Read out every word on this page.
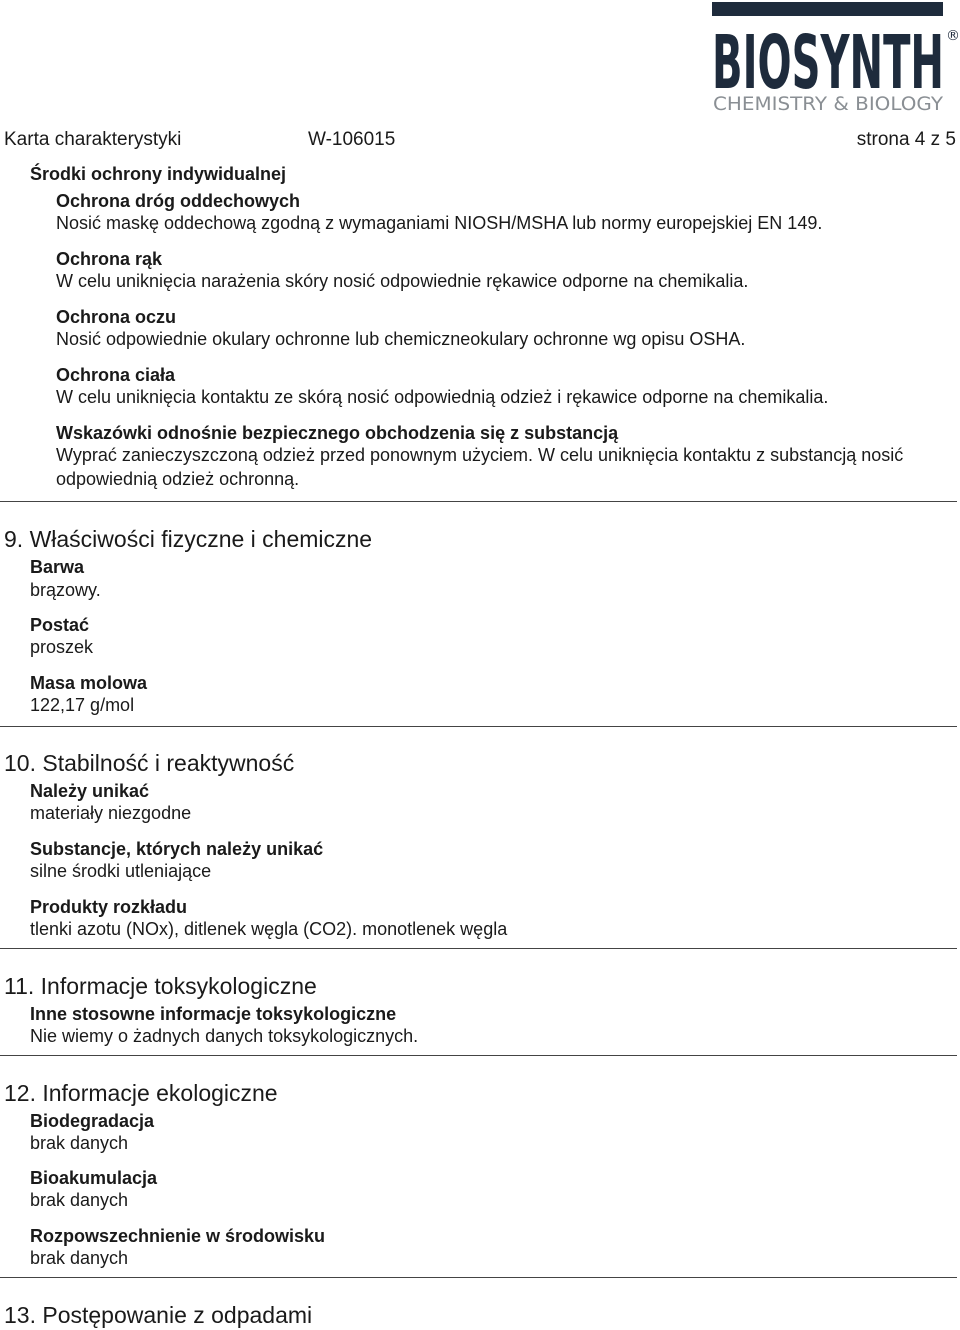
BIOSYNTH ®
CHEMISTRY & BIOLOGY
Karta charakterystyki	W-106015	strona 4 z 5
Środki ochrony indywidualnej
Ochrona dróg oddechowych
Nosić maskę oddechową zgodną z wymaganiami NIOSH/MSHA lub normy europejskiej EN 149.
Ochrona rąk
W celu uniknięcia narażenia skóry nosić odpowiednie rękawice odporne na chemikalia.
Ochrona oczu
Nosić odpowiednie okulary ochronne lub chemiczneokulary ochronne wg opisu OSHA.
Ochrona ciała
W celu uniknięcia kontaktu ze skórą nosić odpowiednią odzież i rękawice odporne na chemikalia.
Wskazówki odnośnie bezpiecznego obchodzenia się z substancją
Wyprać zanieczyszczoną odzież przed ponownym użyciem. W celu uniknięcia kontaktu z substancją nosić
odpowiednią odzież ochronną.
9. Właściwości fizyczne i chemiczne
Barwa
brązowy.
Postać
proszek
Masa molowa
122,17 g/mol
10. Stabilność i reaktywność
Należy unikać
materiały niezgodne
Substancje, których należy unikać
silne środki utleniające
Produkty rozkładu
tlenki azotu (NOx), ditlenek węgla (CO2). monotlenek węgla
11. Informacje toksykologiczne
Inne stosowne informacje toksykologiczne
Nie wiemy o żadnych danych toksykologicznych.
12. Informacje ekologiczne
Biodegradacja
brak danych
Bioakumulacja
brak danych
Rozpowszechnienie w środowisku
brak danych
13. Postępowanie z odpadami
